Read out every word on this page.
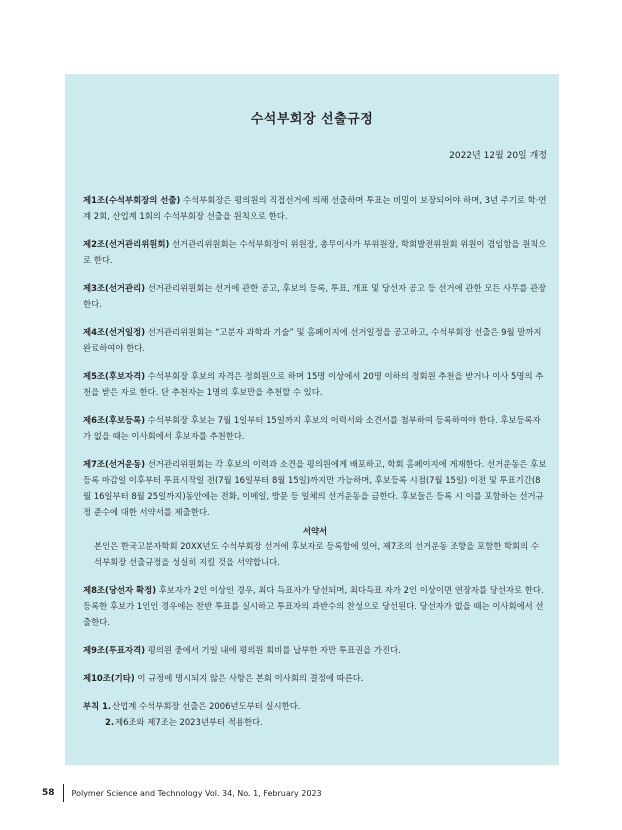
수석부회장 선출규정
2022년 12월 20일 개정

제1조(수석부회장의 선출) 수석부회장은 평의원의 직접선거에 의해 선출하며 투표는 비밀이 보장되어야 하며, 3년 주기로 학·연계 2회, 산업계 1회의 수석부회장 선출을 원칙으로 한다.

제2조(선거관리위원회) 선거관리위원회는 수석부회장이 위원장, 총무이사가 부위원장, 학회발전위원회 위원이 겸임함을 원칙으로 한다.

제3조(선거관리) 선거관리위원회는 선거에 관한 공고, 후보의 등록, 투표, 개표 및 당선자 공고 등 선거에 관한 모든 사무를 관장한다.

제4조(선거일정) 선거관리위원회는 “고분자 과학과 기술” 및 홈페이지에 선거일정을 공고하고, 수석부회장 선출은 9월 말까지 완료하여야 한다.

제5조(후보자격) 수석부회장 후보의 자격은 정회원으로 하며 15명 이상에서 20명 이하의 정회원 추천을 받거나 이사 5명의 추천을 받은 자로 한다. 단 추천자는 1명의 후보만을 추천할 수 있다.

제6조(후보등록) 수석부회장 후보는 7월 1일부터 15일까지 후보의 이력서와 소견서를 첨부하여 등록하여야 한다. 후보등록자가 없을 때는 이사회에서 후보자를 추천한다.

제7조(선거운동) 선거관리위원회는 각 후보의 이력과 소견을 평의원에게 배포하고, 학회 홈페이지에 게재한다. 선거운동은 후보등록 마감일 이후부터 투표시작일 전(7월 16일부터 8월 15일)까지만 가능하며, 후보등록 시점(7월 15일) 이전 및 투표기간(8월 16일부터 8월 25일까지)동안에는 전화, 이메일, 방문 등 일체의 선거운동을 금한다. 후보들은 등록 시 이를 포함하는 선거규정 준수에 대한 서약서를 제출한다.

서약서
본인은 한국고분자학회 20XX년도 수석부회장 선거에 후보자로 등록함에 있어, 제7조의 선거운동 조항을 포함한 학회의 수석부회장 선출규정을 성실히 지킬 것을 서약합니다.

제8조(당선자 확정) 후보자가 2인 이상인 경우, 최다 득표자가 당선되며, 최다득표 자가 2인 이상이면 연장자를 당선자로 한다. 등록한 후보가 1인인 경우에는 찬반 투표를 실시하고 투표자의 과반수의 찬성으로 당선된다. 당선자가 없을 때는 이사회에서 선출한다.

제9조(투표자격) 평의원 중에서 기일 내에 평의원 회비를 납부한 자만 투표권을 가진다.

제10조(기타) 이 규정에 명시되지 않은 사항은 본회 이사회의 결정에 따른다.

부칙 1. 산업계 수석부회장 선출은 2006년도부터 실시한다.
2. 제6조와 제7조는 2023년부터 적용한다.
58 Polymer Science and Technology Vol. 34, No. 1, February 2023
